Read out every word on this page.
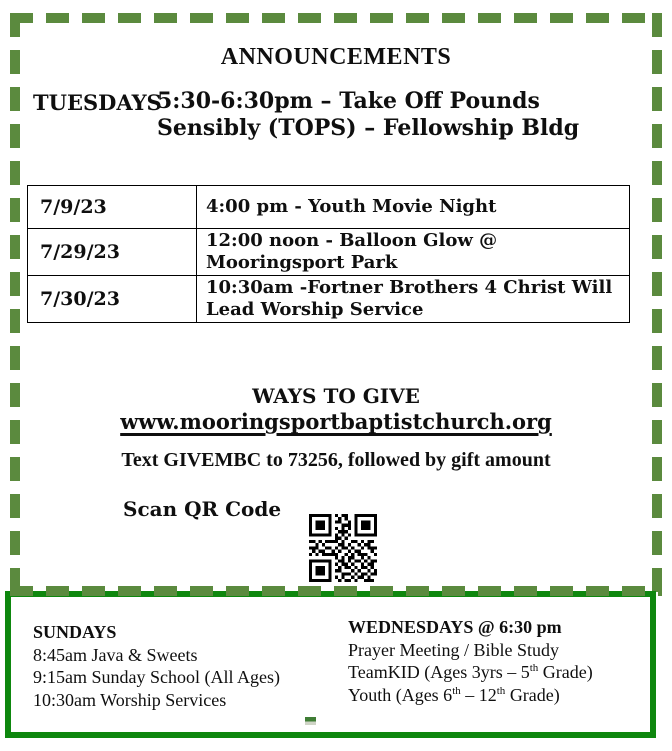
ANNOUNCEMENTS
TUESDAYS
5:30-6:30pm – Take Off Pounds
Sensibly (TOPS) – Fellowship Bldg
7/9/23	4:00 pm - Youth Movie Night
7/29/23	12:00 noon - Balloon Glow @ Mooringsport Park
7/30/23	10:30am -Fortner Brothers 4 Christ Will Lead Worship Service
WAYS TO GIVE
www.mooringsportbaptistchurch.org
Text GIVEMBC to 73256, followed by gift amount
Scan QR Code
SUNDAYS
8:45am Java & Sweets
9:15am Sunday School (All Ages)
10:30am Worship Services
WEDNESDAYS @ 6:30 pm
Prayer Meeting / Bible Study
TeamKID (Ages 3yrs – 5th Grade)
Youth (Ages 6th – 12th Grade)
